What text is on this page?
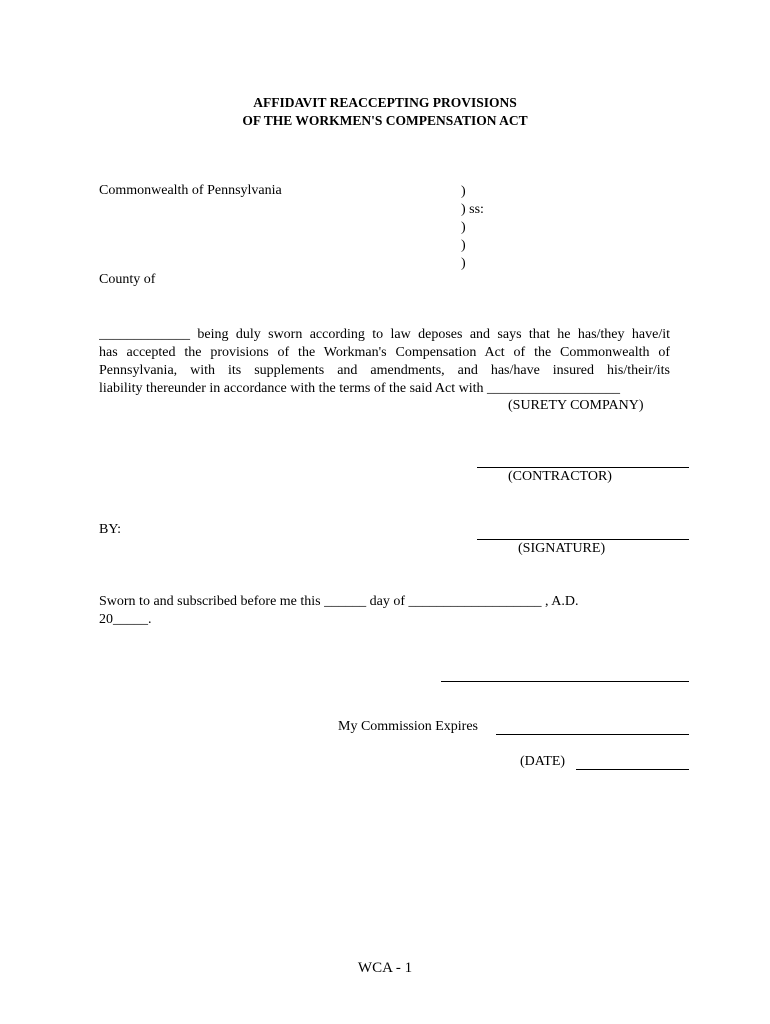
AFFIDAVIT REACCEPTING PROVISIONS
OF THE WORKMEN'S COMPENSATION ACT
Commonwealth of Pennsylvania	)
) ss:
)
)
)
County of
_____________ being duly sworn according to law deposes and says that he has/they have/it
has accepted the provisions of the Workman's Compensation Act of the Commonwealth of
Pennsylvania, with its supplements and amendments, and has/have insured his/their/its
liability thereunder in accordance with the terms of the said Act with ___________________
(SURETY COMPANY)
(CONTRACTOR)
BY:
(SIGNATURE)
Sworn to and subscribed before me this ______ day of ___________________ , A.D.
20_____.
My Commission Expires
(DATE)
WCA - 1
